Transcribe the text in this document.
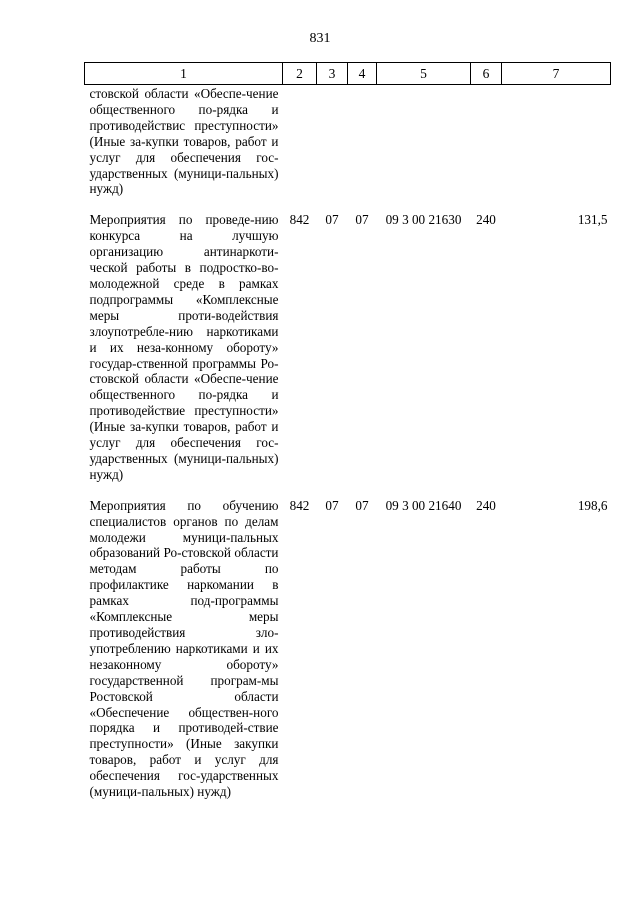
831
1	2	3	4	5	6	7
стовской области «Обеспе-чение общественного по-рядка и противодействис преступности» (Иные за-купки товаров, работ и услуг для обеспечения гос-ударственных (муници-пальных) нужд)						

Мероприятия по проведе-нию конкурса на лучшую организацию антинаркоти-ческой работы в подростко-во-молодежной среде в рамках подпрограммы «Комплексные меры проти-водействия злоупотребле-нию наркотиками и их неза-конному обороту» государ-ственной программы Ро-стовской области «Обеспе-чение общественного по-рядка и противодействие преступности» (Иные за-купки товаров, работ и услуг для обеспечения гос-ударственных (муници-пальных) нужд)	842	07	07	09 3 00 21630	240	131,5

Мероприятия по обучению специалистов органов по делам молодежи муници-пальных образований Ро-стовской области методам работы по профилактике наркомании в рамках под-программы «Комплексные меры противодействия зло-употреблению наркотиками и их незаконному обороту» государственной програм-мы Ростовской области «Обеспечение обществен-ного порядка и противодей-ствие преступности» (Иные закупки товаров, работ и услуг для обеспечения гос-ударственных (муници-пальных) нужд)	842	07	07	09 3 00 21640	240	198,6
